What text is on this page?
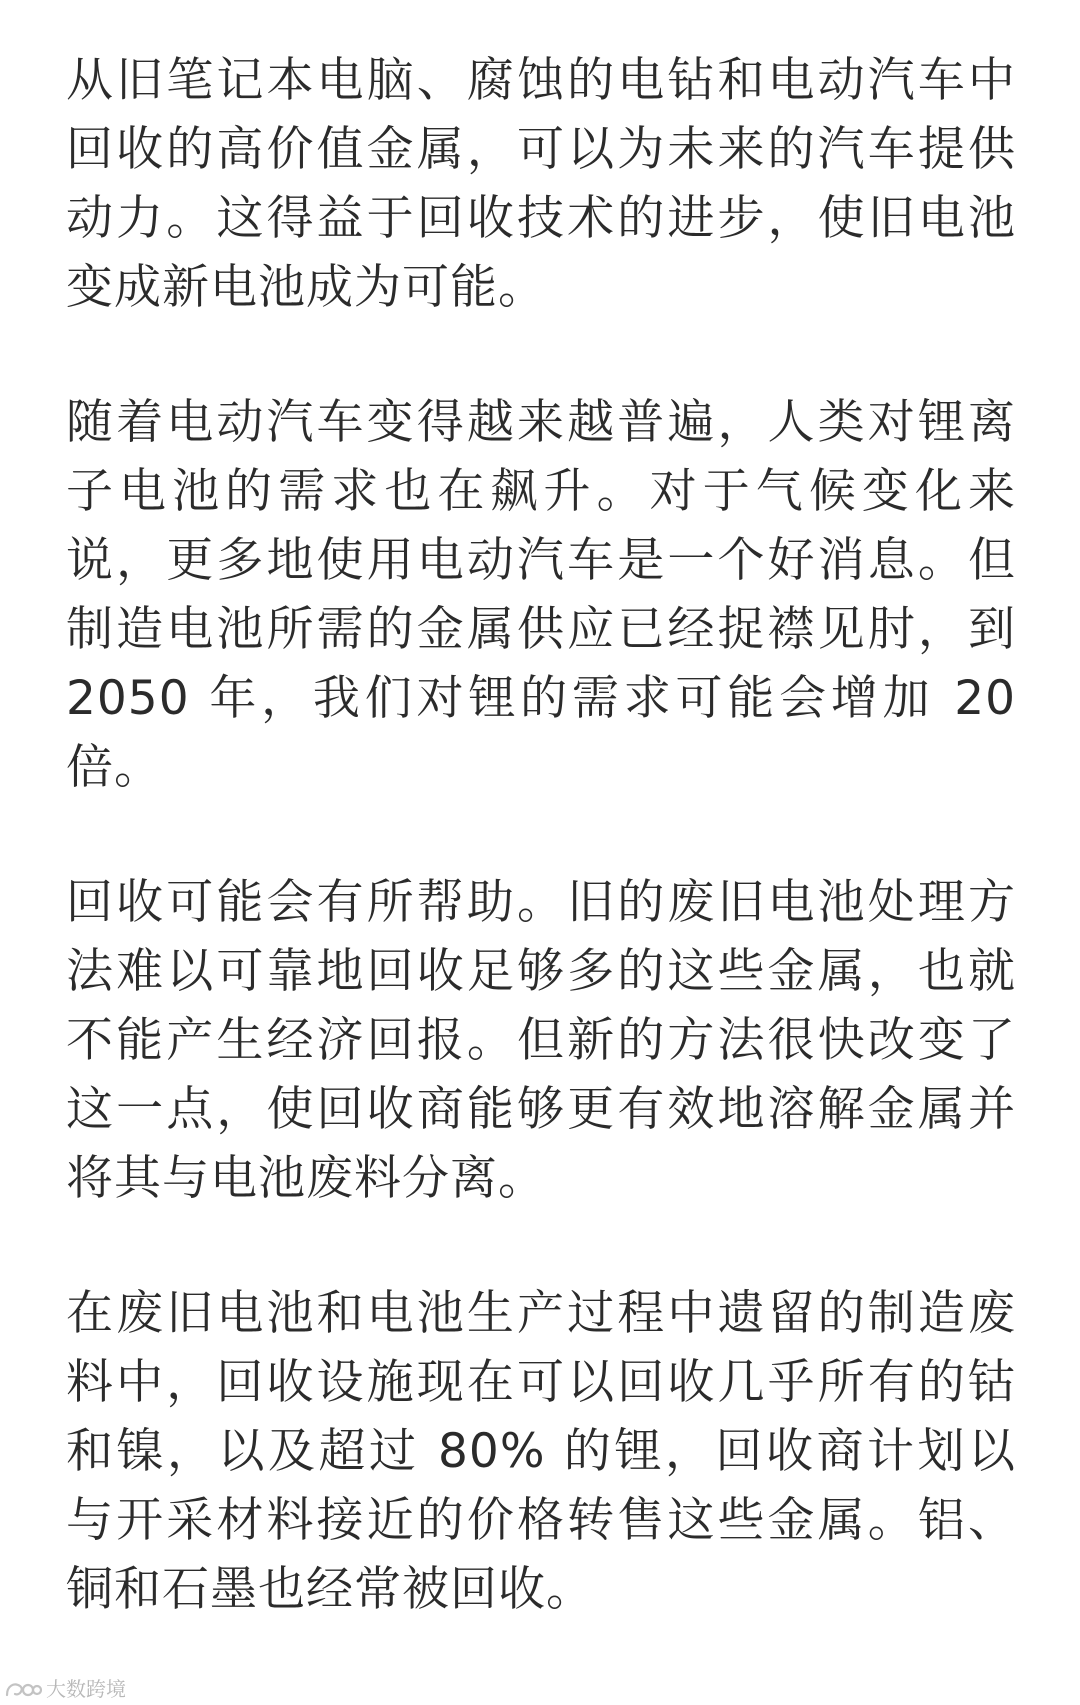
从旧笔记本电脑、腐蚀的电钻和电动汽车中回收的高价值金属，可以为未来的汽车提供动力。这得益于回收技术的进步，使旧电池变成新电池成为可能。

随着电动汽车变得越来越普遍，人类对锂离子电池的需求也在飙升。对于气候变化来说，更多地使用电动汽车是一个好消息。但制造电池所需的金属供应已经捉襟见肘，到 2050 年，我们对锂的需求可能会增加 20 倍。

回收可能会有所帮助。旧的废旧电池处理方法难以可靠地回收足够多的这些金属，也就不能产生经济回报。但新的方法很快改变了这一点，使回收商能够更有效地溶解金属并将其与电池废料分离。

在废旧电池和电池生产过程中遗留的制造废料中，回收设施现在可以回收几乎所有的钴和镍，以及超过 80% 的锂，回收商计划以与开采材料接近的价格转售这些金属。铝、铜和石墨也经常被回收。

大数跨境
